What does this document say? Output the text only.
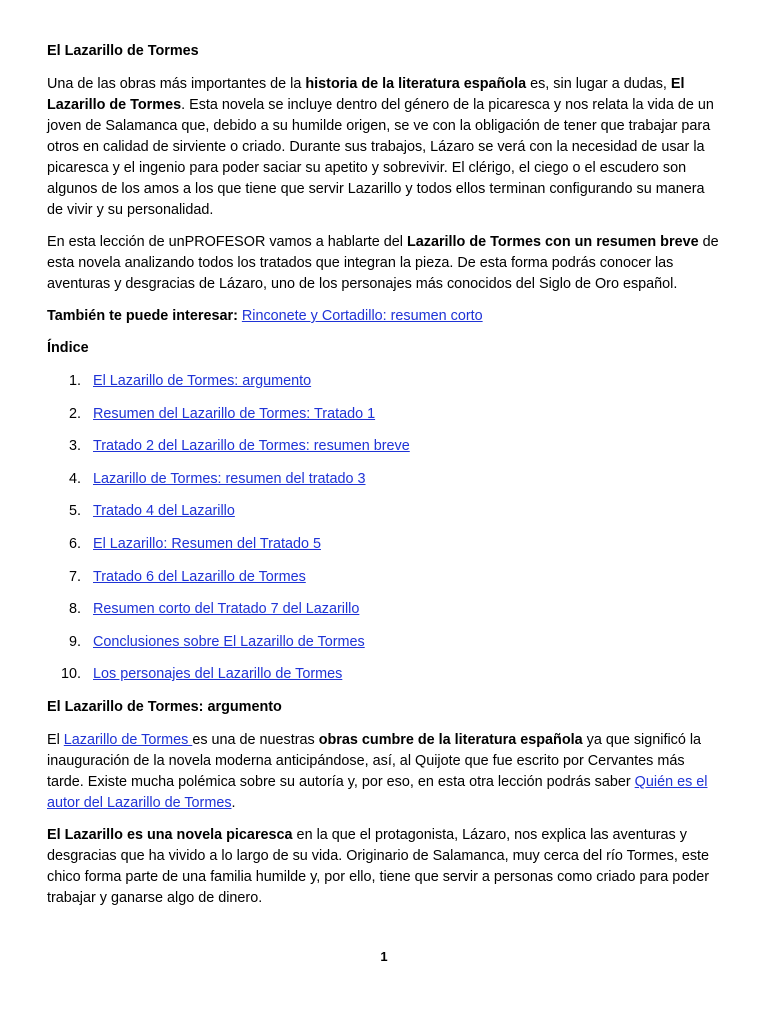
El Lazarillo de Tormes

Una de las obras más importantes de la historia de la literatura española es, sin lugar a dudas, El Lazarillo de Tormes. Esta novela se incluye dentro del género de la picaresca y nos relata la vida de un joven de Salamanca que, debido a su humilde origen, se ve con la obligación de tener que trabajar para otros en calidad de sirviente o criado. Durante sus trabajos, Lázaro se verá con la necesidad de usar la picaresca y el ingenio para poder saciar su apetito y sobrevivir. El clérigo, el ciego o el escudero son algunos de los amos a los que tiene que servir Lazarillo y todos ellos terminan configurando su manera de vivir y su personalidad.

En esta lección de unPROFESOR vamos a hablarte del Lazarillo de Tormes con un resumen breve de esta novela analizando todos los tratados que integran la pieza. De esta forma podrás conocer las aventuras y desgracias de Lázaro, uno de los personajes más conocidos del Siglo de Oro español.

También te puede interesar: Rinconete y Cortadillo: resumen corto

Índice

1. El Lazarillo de Tormes: argumento
2. Resumen del Lazarillo de Tormes: Tratado 1
3. Tratado 2 del Lazarillo de Tormes: resumen breve
4. Lazarillo de Tormes: resumen del tratado 3
5. Tratado 4 del Lazarillo
6. El Lazarillo: Resumen del Tratado 5
7. Tratado 6 del Lazarillo de Tormes
8. Resumen corto del Tratado 7 del Lazarillo
9. Conclusiones sobre El Lazarillo de Tormes
10. Los personajes del Lazarillo de Tormes

El Lazarillo de Tormes: argumento

El Lazarillo de Tormes es una de nuestras obras cumbre de la literatura española ya que significó la inauguración de la novela moderna anticipándose, así, al Quijote que fue escrito por Cervantes más tarde. Existe mucha polémica sobre su autoría y, por eso, en esta otra lección podrás saber Quién es el autor del Lazarillo de Tormes.

El Lazarillo es una novela picaresca en la que el protagonista, Lázaro, nos explica las aventuras y desgracias que ha vivido a lo largo de su vida. Originario de Salamanca, muy cerca del río Tormes, este chico forma parte de una familia humilde y, por ello, tiene que servir a personas como criado para poder trabajar y ganarse algo de dinero.

1
